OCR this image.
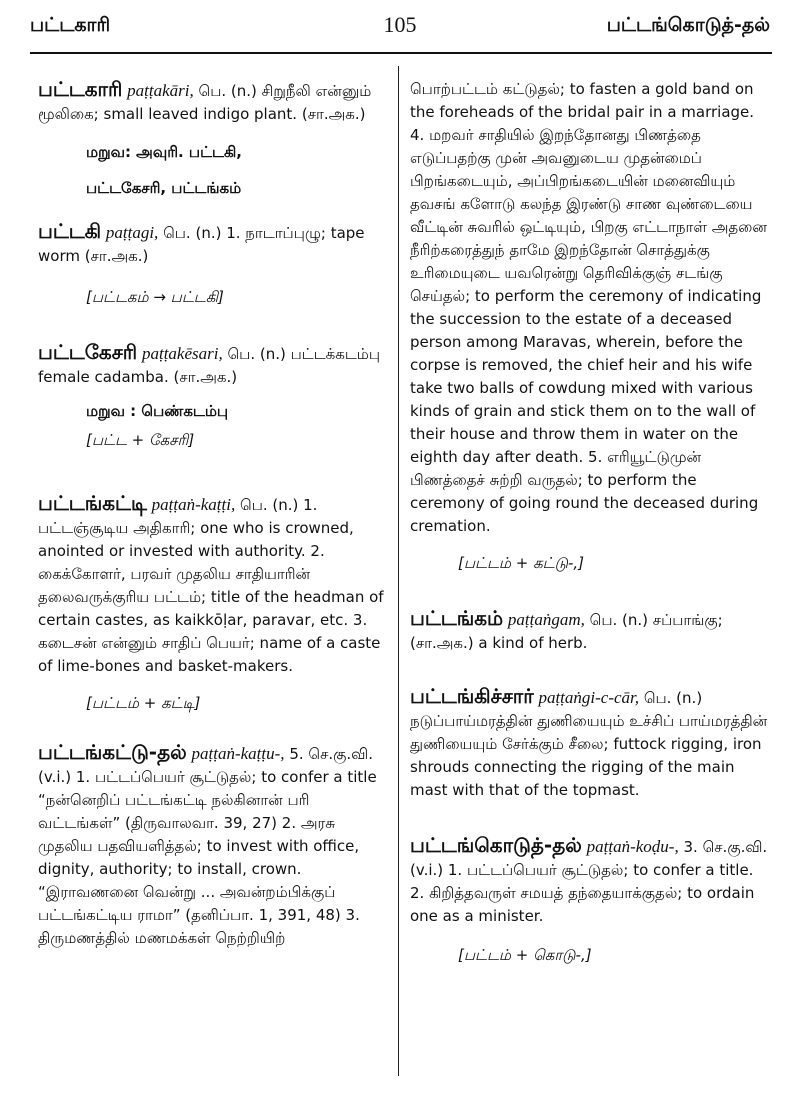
பட்டகாரி	105	பட்டங்கொடுத்-தல்

பட்டகாரி paṭṭakāri, பெ. (n.) சிறுநீலி என்னும் மூலிகை; small leaved indigo plant. (சா.அக.)

மறுவ: அவுரி. பட்டகி,

பட்டகேசரி, பட்டங்கம்

பட்டகி paṭṭagi, பெ. (n.) 1. நாடாப்புழு; tape worm (சா.அக.)

[பட்டகம் → பட்டகி]

பட்டகேசரி paṭṭakēsari, பெ. (n.) பட்டக்கடம்பு female cadamba. (சா.அக.)

மறுவ : பெண்கடம்பு

[பட்ட + கேசரி]

பட்டங்கட்டி paṭṭaṅ-kaṭṭi, பெ. (n.) 1. பட்டஞ்சூடிய அதிகாரி; one who is crowned, anointed or invested with authority. 2. கைக்கோளர், பரவர் முதலிய சாதியாரின் தலைவருக்குரிய பட்டம்; title of the headman of certain castes, as kaikkōḷar, paravar, etc. 3. கடைசன் என்னும் சாதிப் பெயர்; name of a caste of lime-bones and basket-makers.

[பட்டம் + கட்டி]

பட்டங்கட்டு-தல் paṭṭaṅ-kaṭṭu-, 5. செ.கு.வி. (v.i.) 1. பட்டப்பெயர் சூட்டுதல்; to confer a title “நன்னெறிப் பட்டங்கட்டி நல்கினான் பரி வட்டங்கள்” (திருவாலவா. 39, 27) 2. அரசு முதலிய பதவியளித்தல்; to invest with office, dignity, authority; to install, crown. “இராவணனை வென்று ... அவன்றம்பிக்குப் பட்டங்கட்டிய ராமா” (தனிப்பா. 1, 391, 48) 3. திருமணத்தில் மணமக்கள் நெற்றியிற்

பொற்பட்டம் கட்டுதல்; to fasten a gold band on the foreheads of the bridal pair in a marriage. 4. மறவர் சாதியில் இறந்தோனது பிணத்தை எடுப்பதற்கு முன் அவனுடைய முதன்மைப் பிறங்கடையும், அப்பிறங்கடையின் மனைவியும் தவசங் களோடு கலந்த இரண்டு சாண வுண்டையை வீட்டின் சுவரில் ஒட்டியும், பிறகு எட்டாநாள் அதனை நீரிற்கரைத்துந் தாமே இறந்தோன் சொத்துக்கு உரிமையுடை யவரென்று தெரிவிக்குஞ் சடங்கு செய்தல்; to perform the ceremony of indicating the succession to the estate of a deceased person among Maravas, wherein, before the corpse is removed, the chief heir and his wife take two balls of cowdung mixed with various kinds of grain and stick them on to the wall of their house and throw them in water on the eighth day after death. 5. எரியூட்டுமுன் பிணத்தைச் சுற்றி வருதல்; to perform the ceremony of going round the deceased during cremation.

[பட்டம் + கட்டு-,]

பட்டங்கம் paṭṭaṅgam, பெ. (n.) சப்பாங்கு; (சா.அக.) a kind of herb.

பட்டங்கிச்சார் paṭṭaṅgi-c-cār, பெ. (n.) நடுப்பாய்மரத்தின் துணியையும் உச்சிப் பாய்மரத்தின் துணியையும் சேர்க்கும் சீலை; futtock rigging, iron shrouds connecting the rigging of the main mast with that of the topmast.

பட்டங்கொடுத்-தல் paṭṭaṅ-koḍu-, 3. செ.கு.வி. (v.i.) 1. பட்டப்பெயர் சூட்டுதல்; to confer a title. 2. கிறித்தவருள் சமயத் தந்தையாக்குதல்; to ordain one as a minister.

[பட்டம் + கொடு-,]
